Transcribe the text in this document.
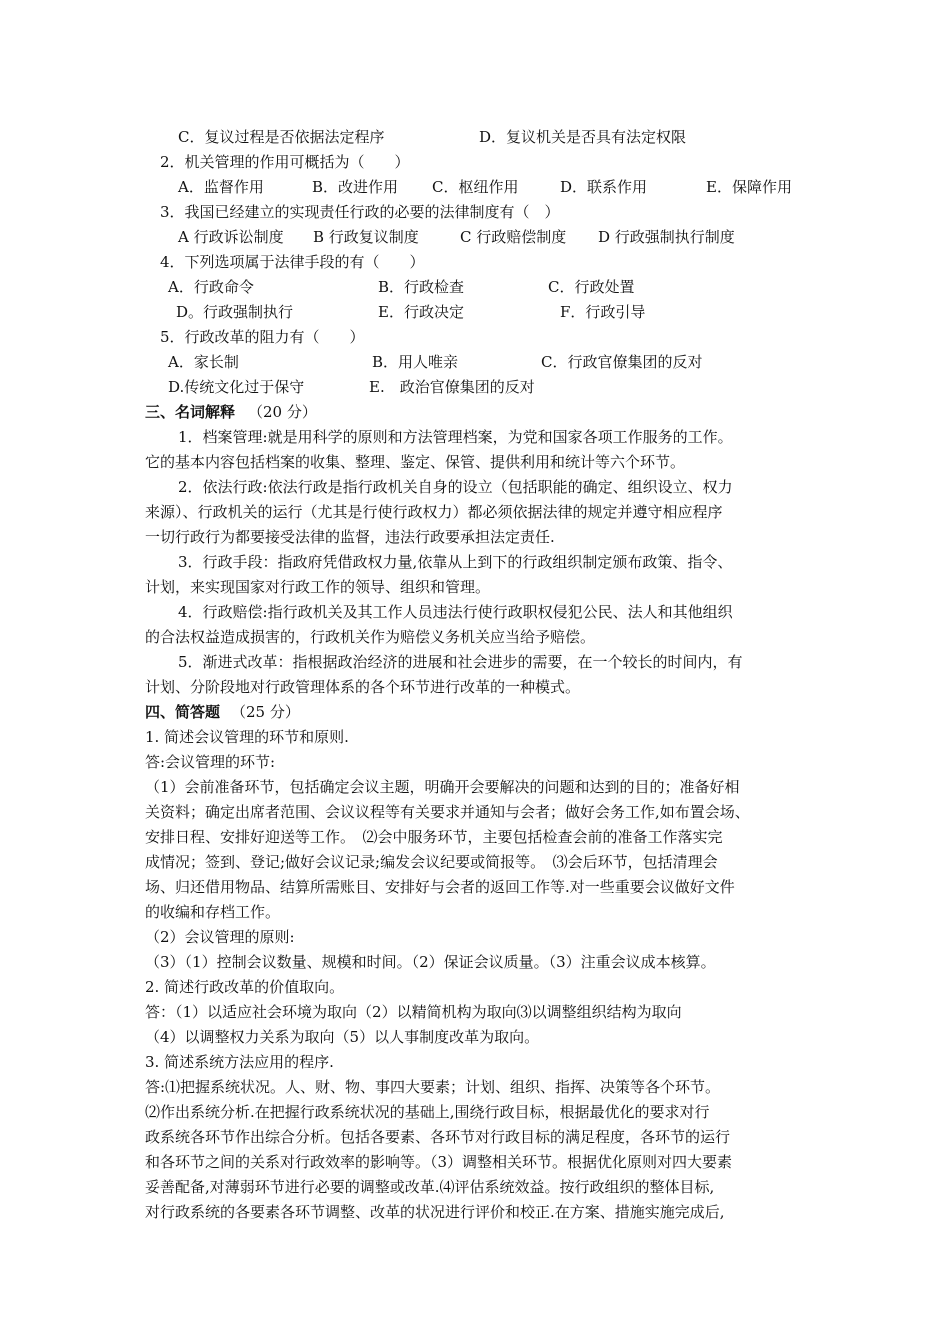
C．复议过程是否依据法定程序	D．复议机关是否具有法定权限
2．机关管理的作用可概括为（　　）
A．监督作用	B．改进作用 C．枢纽作用	D．联系作用	E．保障作用
3．我国已经建立的实现责任行政的必要的法律制度有（　）
A 行政诉讼制度 B 行政复议制度	C 行政赔偿制度 D 行政强制执行制度
4．下列选项属于法律手段的有（　　）
A．行政命令	B．行政检查	C．行政处置
D。行政强制执行	E．行政决定	F．行政引导
5．行政改革的阻力有（　　）
A．家长制	B．用人唯亲	C．行政官僚集团的反对
D.传统文化过于保守	E.　政治官僚集团的反对
三、名词解释 （20 分）
1．档案管理:就是用科学的原则和方法管理档案，为党和国家各项工作服务的工作。
它的基本内容包括档案的收集、整理、鉴定、保管、提供利用和统计等六个环节。
2．依法行政:依法行政是指行政机关自身的设立（包括职能的确定、组织设立、权力
来源）、行政机关的运行（尤其是行使行政权力）都必须依据法律的规定并遵守相应程序
一切行政行为都要接受法律的监督，违法行政要承担法定责任.
3．行政手段：指政府凭借政权力量,依靠从上到下的行政组织制定颁布政策、指令、
计划，来实现国家对行政工作的领导、组织和管理。
4．行政赔偿:指行政机关及其工作人员违法行使行政职权侵犯公民、法人和其他组织
的合法权益造成损害的，行政机关作为赔偿义务机关应当给予赔偿。
5．渐进式改革：指根据政治经济的进展和社会进步的需要，在一个较长的时间内，有
计划、分阶段地对行政管理体系的各个环节进行改革的一种模式。
四、简答题 （25 分）
1. 简述会议管理的环节和原则.
答:会议管理的环节:
（1）会前准备环节，包括确定会议主题，明确开会要解决的问题和达到的目的；准备好相
关资料；确定出席者范围、会议议程等有关要求并通知与会者；做好会务工作,如布置会场、
安排日程、安排好迎送等工作。　⑵会中服务环节，主要包括检查会前的准备工作落实完
成情况；签到、登记;做好会议记录;编发会议纪要或简报等。　⑶会后环节，包括清理会
场、归还借用物品、结算所需账目、安排好与会者的返回工作等.对一些重要会议做好文件
的收编和存档工作。
（2）会议管理的原则:
（3）（1）控制会议数量、规模和时间。（2）保证会议质量。（3）注重会议成本核算。
2. 简述行政改革的价值取向。
答：（1）以适应社会环境为取向（2）以精简机构为取向⑶以调整组织结构为取向
（4）以调整权力关系为取向（5）以人事制度改革为取向。
3. 简述系统方法应用的程序.
答:⑴把握系统状况。人、财、物、事四大要素；计划、组织、指挥、决策等各个环节。
⑵作出系统分析.在把握行政系统状况的基础上,围绕行政目标，根据最优化的要求对行
政系统各环节作出综合分析。包括各要素、各环节对行政目标的满足程度，各环节的运行
和各环节之间的关系对行政效率的影响等。（3）调整相关环节。根据优化原则对四大要素
妥善配备,对薄弱环节进行必要的调整或改革.⑷评估系统效益。按行政组织的整体目标,
对行政系统的各要素各环节调整、改革的状况进行评价和校正.在方案、措施实施完成后,
